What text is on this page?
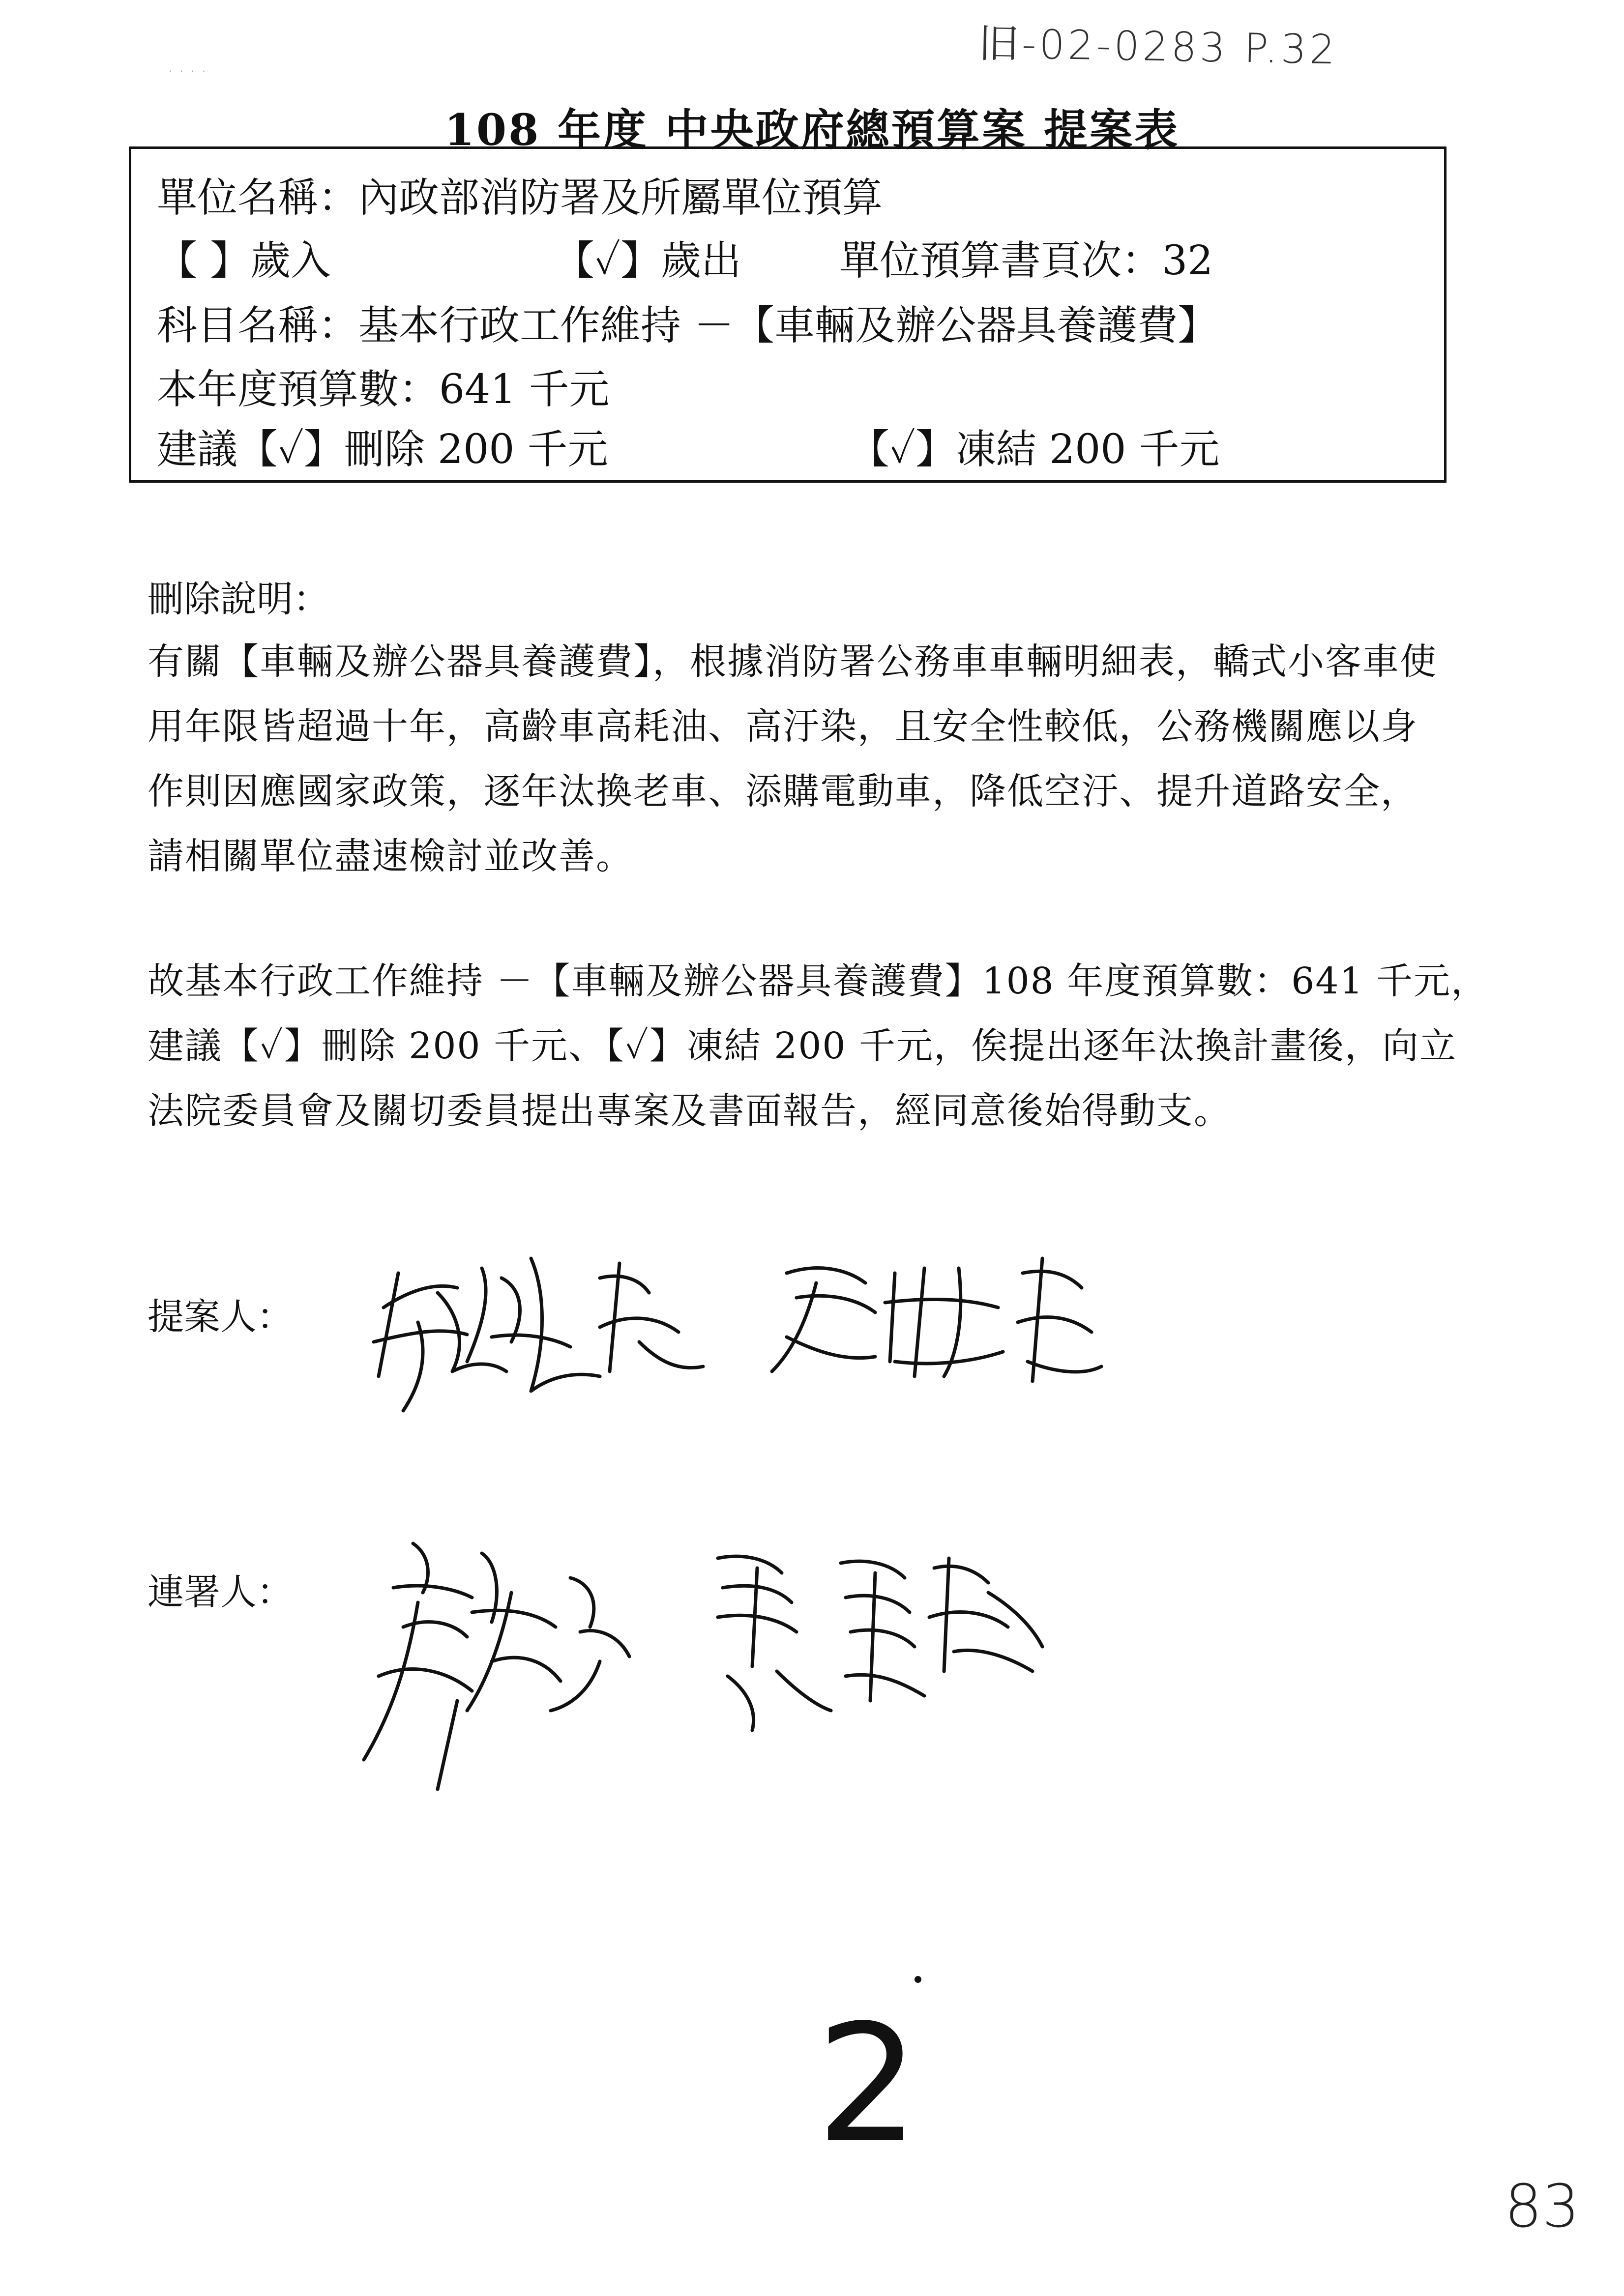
旧-02-0283 P.32
....
108 年度 中央政府總預算案 提案表
單位名稱：內政部消防署及所屬單位預算
【 】歲入	【✓】歲出 單位預算書頁次：32
科目名稱：基本行政工作維持 －【車輛及辦公器具養護費】
本年度預算數：641 千元
建議【✓】刪除 200 千元	【✓】凍結 200 千元
刪除說明：

有關【車輛及辦公器具養護費】，根據消防署公務車車輛明細表，轎式小客車使

用年限皆超過十年，高齡車高耗油、高汙染，且安全性較低，公務機關應以身

作則因應國家政策，逐年汰換老車、添購電動車，降低空汙、提升道路安全，

請相關單位盡速檢討並改善。

故基本行政工作維持 －【車輛及辦公器具養護費】108 年度預算數：641 千元，

建議【✓】刪除 200 千元、【✓】凍結 200 千元，俟提出逐年汰換計畫後，向立

法院委員會及關切委員提出專案及書面報告，經同意後始得動支。

提案人：
連署人：
2
83
